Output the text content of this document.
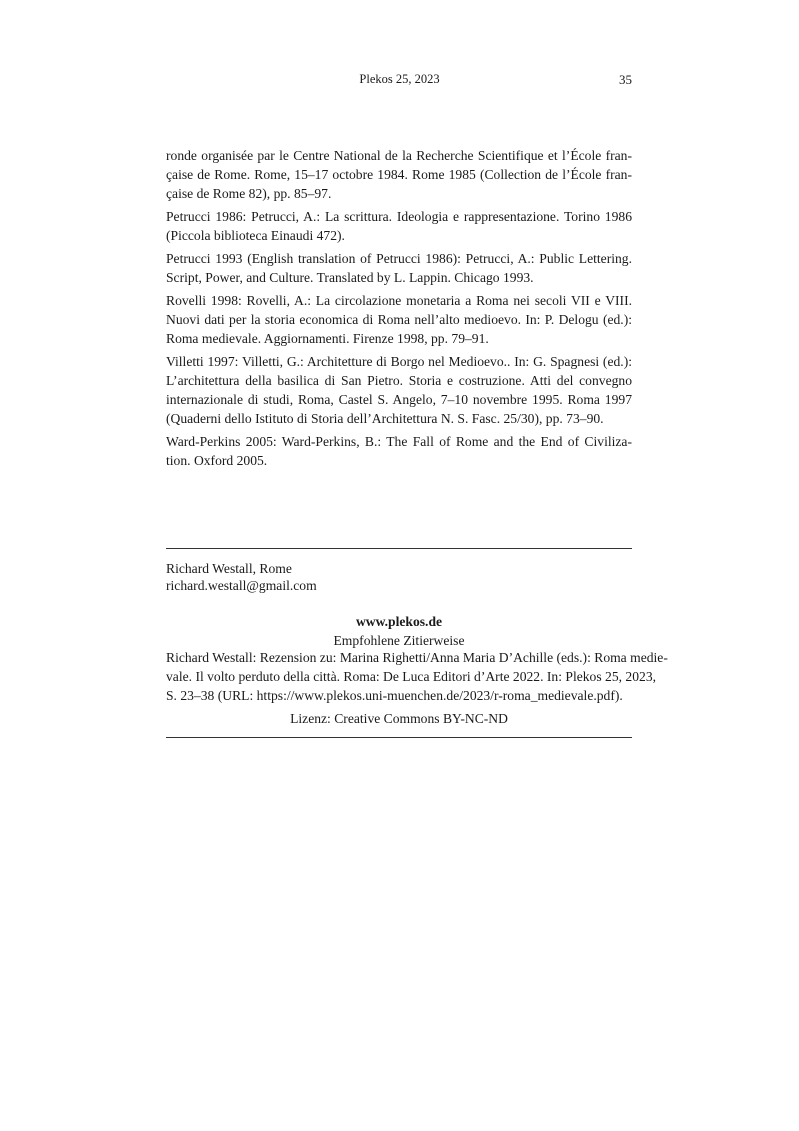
Plekos 25, 2023	35
ronde organisée par le Centre National de la Recherche Scientifique et l’École fran-
çaise de Rome. Rome, 15–17 octobre 1984. Rome 1985 (Collection de l’École fran-
çaise de Rome 82), pp. 85–97.
Petrucci 1986: Petrucci, A.: La scrittura. Ideologia e rappresentazione. Torino 1986
(Piccola biblioteca Einaudi 472).
Petrucci 1993 (English translation of Petrucci 1986): Petrucci, A.: Public Lettering.
Script, Power, and Culture. Translated by L. Lappin. Chicago 1993.
Rovelli 1998: Rovelli, A.: La circolazione monetaria a Roma nei secoli VII e VIII.
Nuovi dati per la storia economica di Roma nell’alto medioevo. In: P. Delogu (ed.):
Roma medievale. Aggiornamenti. Firenze 1998, pp. 79–91.
Villetti 1997: Villetti, G.: Architetture di Borgo nel Medioevo.. In: G. Spagnesi (ed.):
L’architettura della basilica di San Pietro. Storia e costruzione. Atti del convegno
internazionale di studi, Roma, Castel S. Angelo, 7–10 novembre 1995. Roma 1997
(Quaderni dello Istituto di Storia dell’Architettura N. S. Fasc. 25/30), pp. 73–90.
Ward-Perkins 2005: Ward-Perkins, B.: The Fall of Rome and the End of Civiliza-
tion. Oxford 2005.
Richard Westall, Rome
richard.westall@gmail.com
www.plekos.de
Empfohlene Zitierweise
Richard Westall: Rezension zu: Marina Righetti/Anna Maria D’Achille (eds.): Roma medie-
vale. Il volto perduto della città. Roma: De Luca Editori d’Arte 2022. In: Plekos 25, 2023,
S. 23–38 (URL: https://www.plekos.uni-muenchen.de/2023/r-roma_medievale.pdf).
Lizenz: Creative Commons BY-NC-ND
